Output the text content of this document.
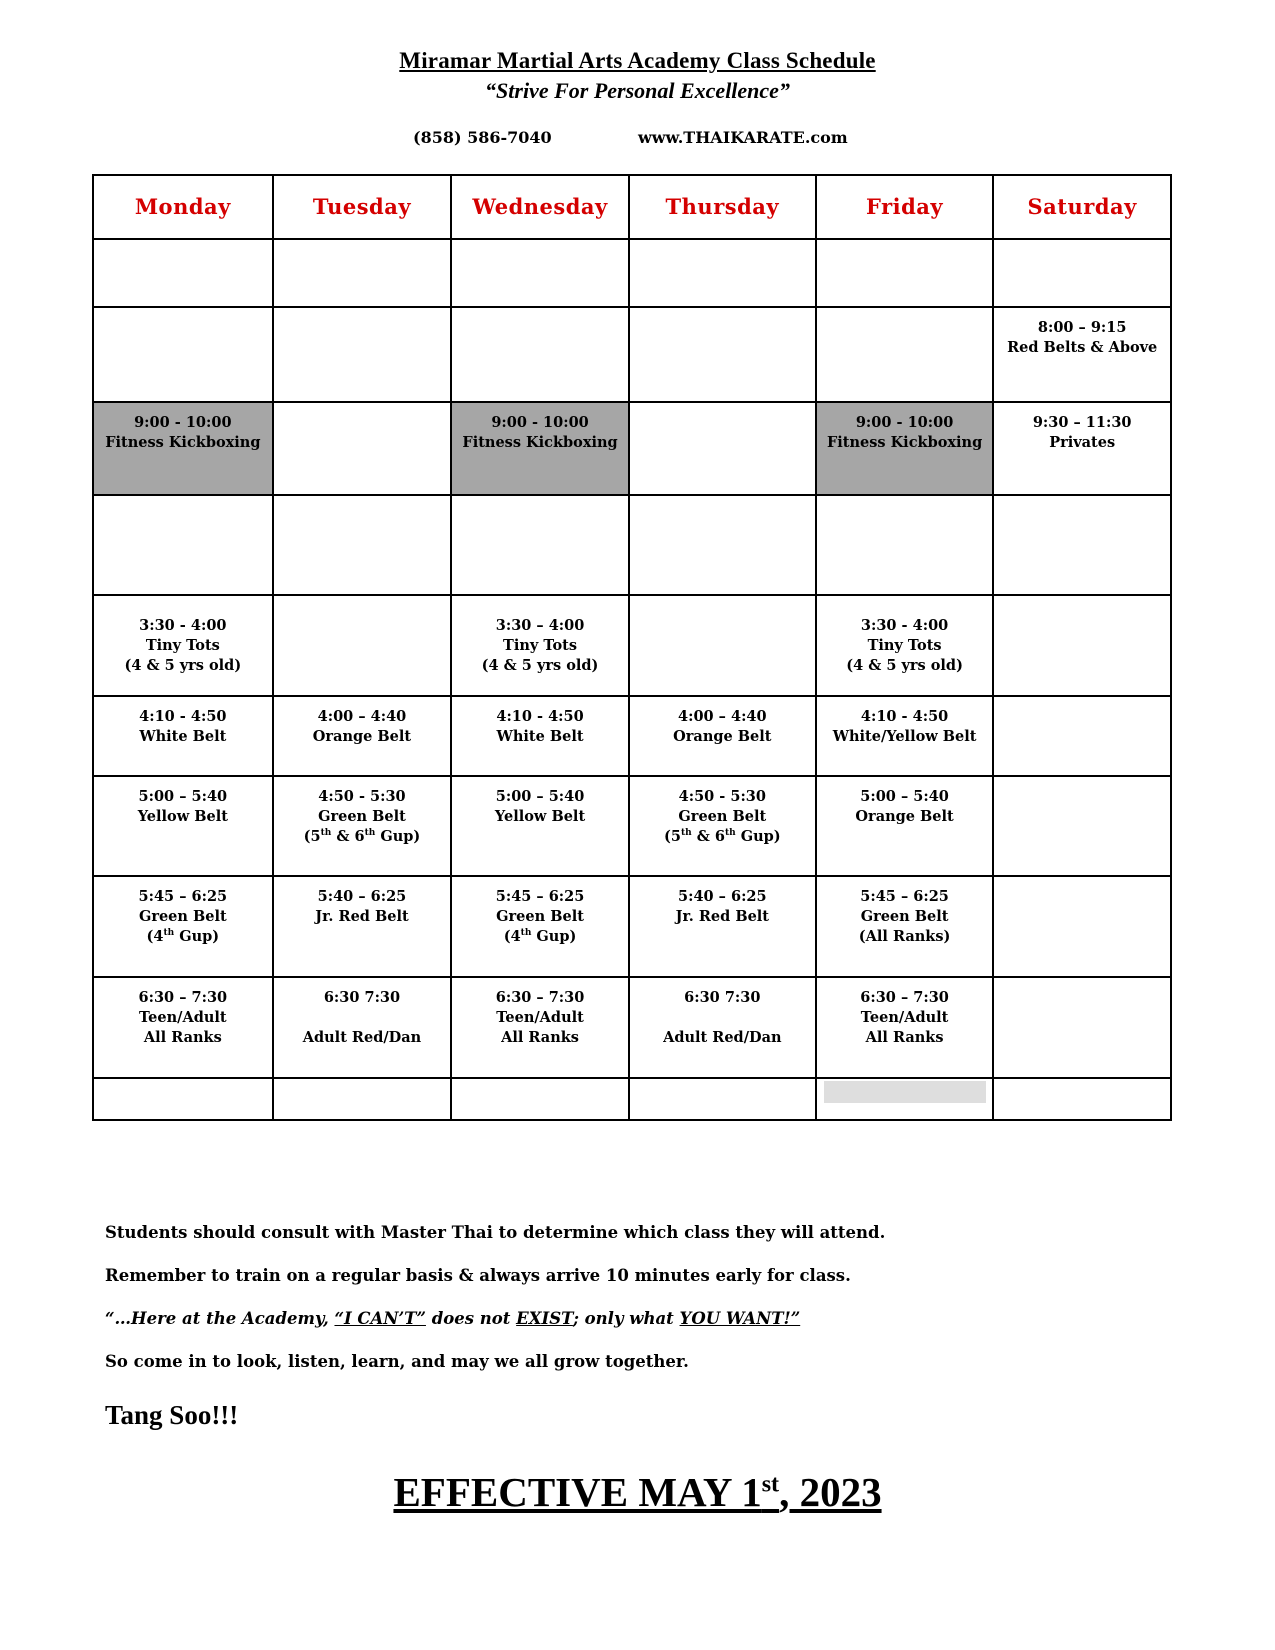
Miramar Martial Arts Academy Class Schedule
“Strive For Personal Excellence”
(858) 586-7040	www.THAIKARATE.com
Monday	Tuesday	Wednesday	Thursday	Friday	Saturday

					8:00 – 9:15
Red Belts & Above

9:00 - 10:00
Fitness Kickboxing		9:00 - 10:00
Fitness Kickboxing		9:00 - 10:00
Fitness Kickboxing	9:30 – 11:30
Privates

3:30 - 4:00
Tiny Tots
(4 & 5 yrs old)		3:30 – 4:00
Tiny Tots
(4 & 5 yrs old)		3:30 - 4:00
Tiny Tots
(4 & 5 yrs old)	

4:10 - 4:50
White Belt	4:00 – 4:40
Orange Belt	4:10 - 4:50
White Belt	4:00 – 4:40
Orange Belt	4:10 - 4:50
White/Yellow Belt	

5:00 – 5:40
Yellow Belt	4:50 - 5:30
Green Belt
(5th & 6th Gup)	5:00 – 5:40
Yellow Belt	4:50 - 5:30
Green Belt
(5th & 6th Gup)	5:00 – 5:40
Orange Belt	

5:45 – 6:25
Green Belt
(4th Gup)	5:40 – 6:25
Jr. Red Belt	5:45 – 6:25
Green Belt
(4th Gup)	5:40 – 6:25
Jr. Red Belt	5:45 – 6:25
Green Belt
(All Ranks)	

6:30 – 7:30
Teen/Adult
All Ranks	6:30 7:30
Adult Red/Dan	6:30 – 7:30
Teen/Adult
All Ranks	6:30 7:30
Adult Red/Dan	6:30 – 7:30
Teen/Adult
All Ranks	

Students should consult with Master Thai to determine which class they will attend.
Remember to train on a regular basis & always arrive 10 minutes early for class.
“…Here at the Academy, “I CAN’T” does not EXIST; only what YOU WANT!”
So come in to look, listen, learn, and may we all grow together.
Tang Soo!!!
EFFECTIVE MAY 1st, 2023
